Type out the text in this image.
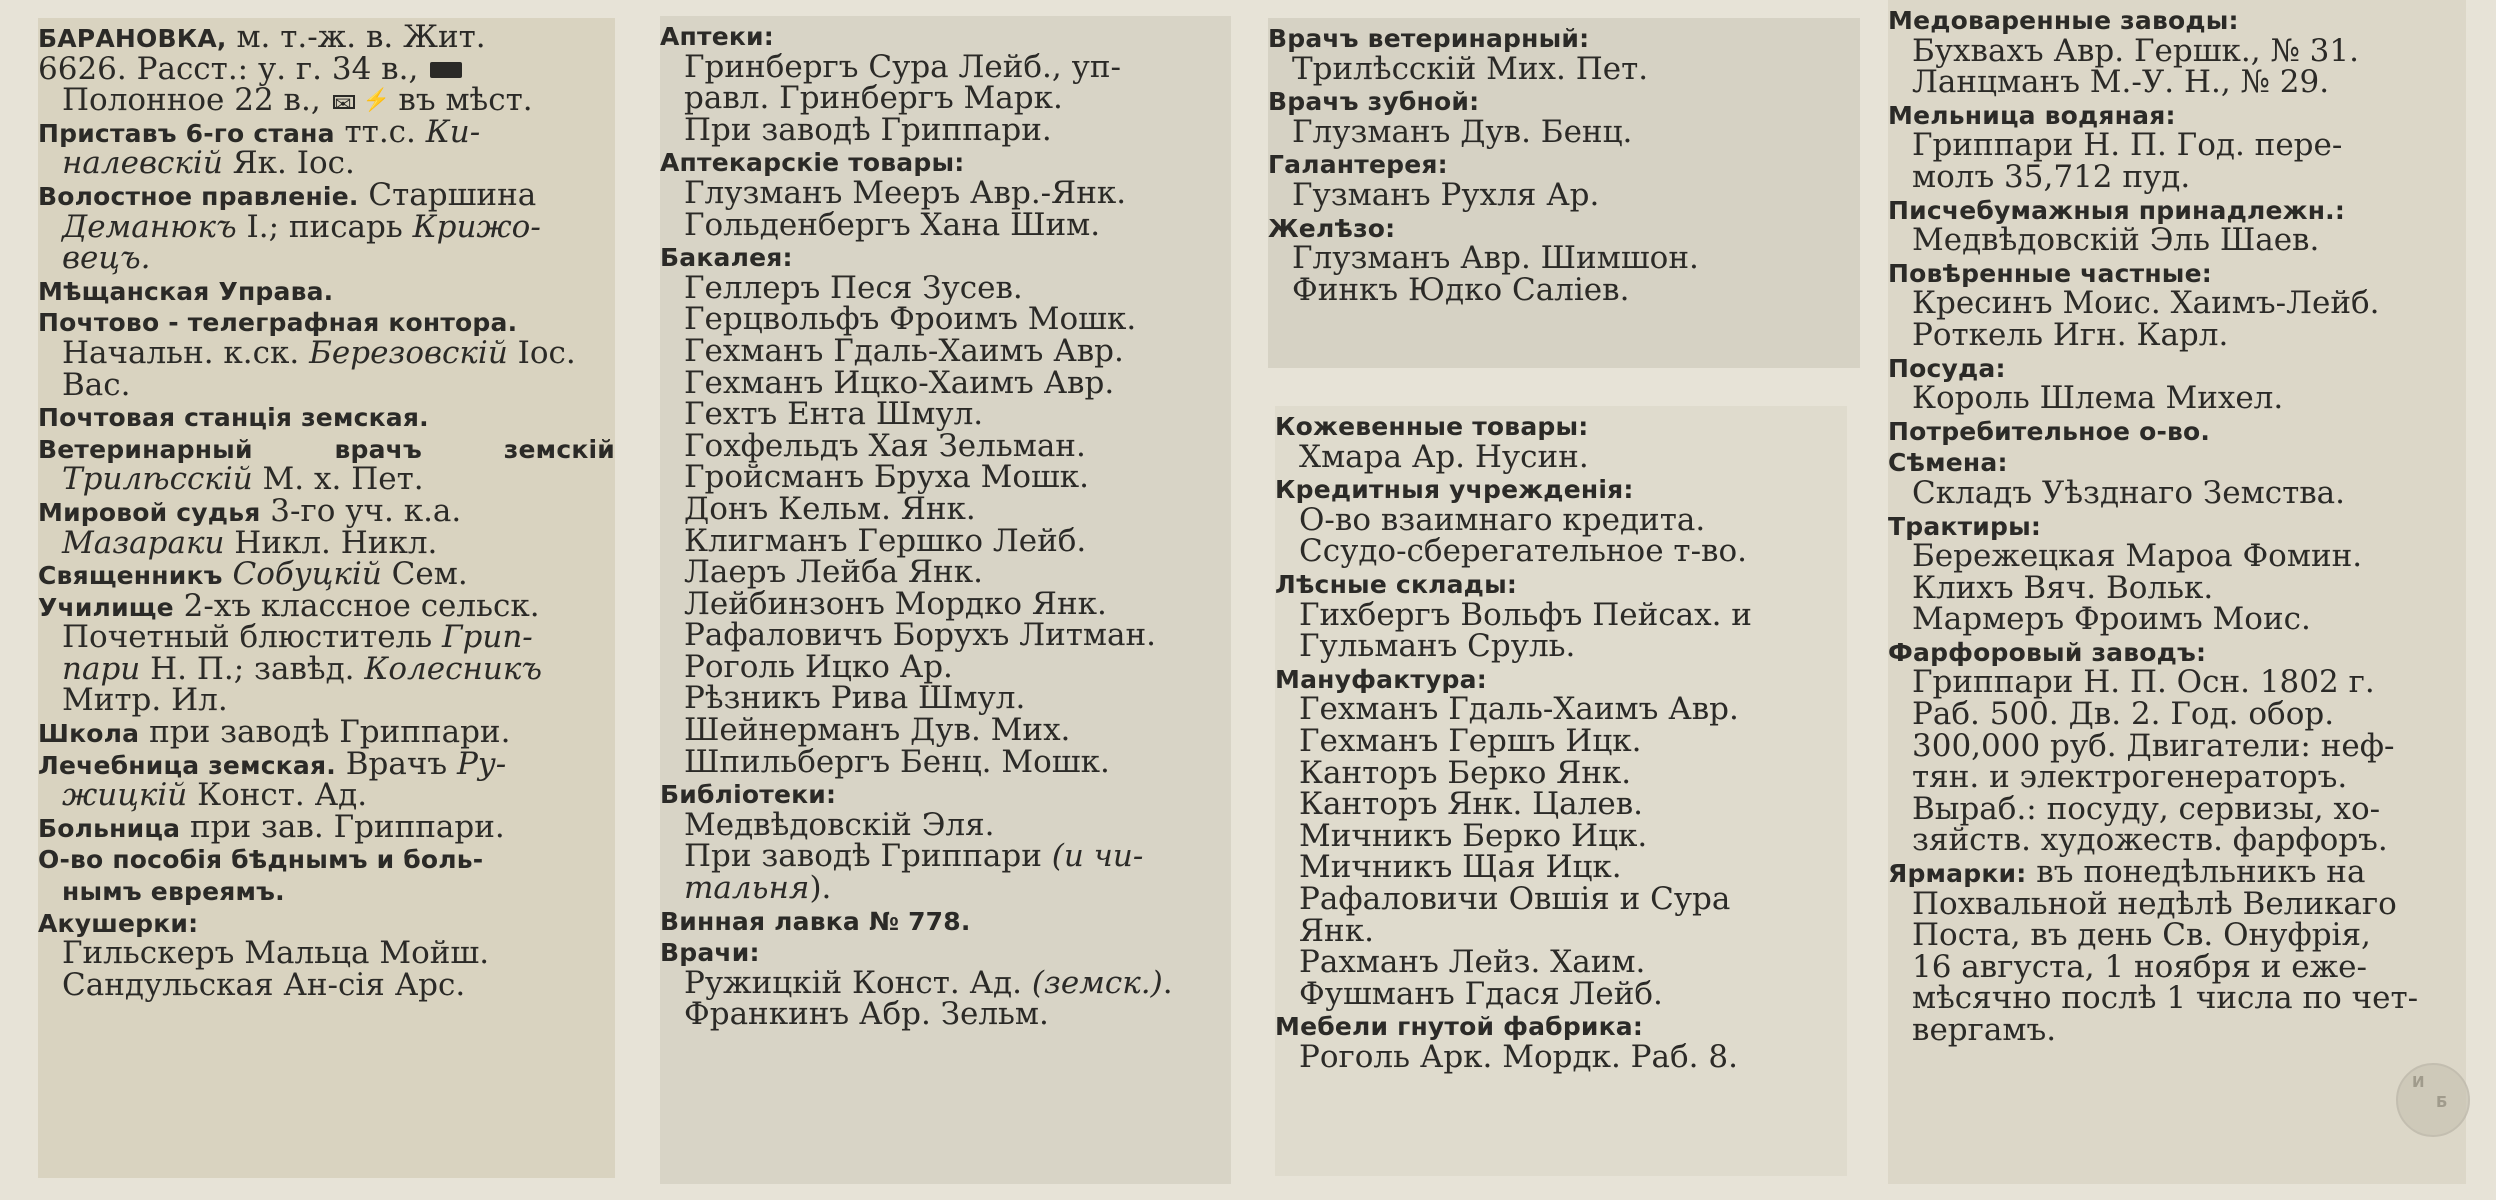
БАРАНОВКА, м. т.-ж. в. Жит.
6626. Расст.: у. г. 34 в.,
Полонное 22 в., ✉⚡ въ мѣст.
Приставъ 6-го стана тт.с. Ки-
налевскій Як. Іос.
Волостное правленіе. Старшина
Деманюкъ І.; писарь Крижо-
вецъ.
Мѣщанская Управа.
Почтово - телеграфная контора.
Начальн. к.ск. Березовскій Іос.
Вас.
Почтовая станція земская.
Ветеринарный врачъ земскій
Трилѣсскій М. х. Пет.
Мировой судья 3-го уч. к.а.
Мазараки Никл. Никл.
Священникъ Собуцкій Сем.
Училище 2-хъ классное сельск.
Почетный блюститель Грип-
пари Н. П.; завѣд. Колесникъ
Митр. Ил.
Школа при заводѣ Гриппари.
Лечебница земская. Врачъ Ру-
жицкій Конст. Ад.
Больница при зав. Гриппари.
О-во пособія бѣднымъ и боль-
нымъ евреямъ.
Акушерки:
Гильскеръ Мальца Мойш.
Сандульская Ан-сія Арс.
Аптеки:
Гринбергъ Сура Лейб., уп-
равл. Гринбергъ Марк.
При заводѣ Гриппари.
Аптекарскіе товары:
Глузманъ Мееръ Авр.-Янк.
Гольденбергъ Хана Шим.
Бакалея:
Геллеръ Песя Зусев.
Герцвольфъ Фроимъ Мошк.
Гехманъ Гдаль-Хаимъ Авр.
Гехманъ Ицко-Хаимъ Авр.
Гехтъ Ента Шмул.
Гохфельдъ Хая Зельман.
Гройсманъ Бруха Мошк.
Донъ Кельм. Янк.
Клигманъ Гершко Лейб.
Лаеръ Лейба Янк.
Лейбинзонъ Мордко Янк.
Рафаловичъ Борухъ Литман.
Роголь Ицко Ар.
Рѣзникъ Рива Шмул.
Шейнерманъ Дув. Мих.
Шпильбергъ Бенц. Мошк.
Библіотеки:
Медвѣдовскій Эля.
При заводѣ Гриппари (и чи-
тальня).
Винная лавка № 778.
Врачи:
Ружицкій Конст. Ад. (земск.).
Франкинъ Абр. Зельм.
Врачъ ветеринарный:
Трилѣсскій Мих. Пет.
Врачъ зубной:
Глузманъ Дув. Бенц.
Галантерея:
Гузманъ Рухля Ар.
Желѣзо:
Глузманъ Авр. Шимшон.
Финкъ Юдко Саліев.
Кожевенные товары:
Хмара Ар. Нусин.
Кредитныя учрежденія:
О-во взаимнаго кредита.
Ссудо-сберегательное т-во.
Лѣсные склады:
Гихбергъ Вольфъ Пейсах. и
Гульманъ Сруль.
Мануфактура:
Гехманъ Гдаль-Хаимъ Авр.
Гехманъ Гершъ Ицк.
Канторъ Берко Янк.
Канторъ Янк. Цалев.
Мичникъ Берко Ицк.
Мичникъ Щая Ицк.
Рафаловичи Овшія и Сура
Янк.
Рахманъ Лейз. Хаим.
Фушманъ Гдася Лейб.
Мебели гнутой фабрика:
Роголь Арк. Мордк. Раб. 8.
Медоваренные заводы:
Бухвахъ Авр. Гершк., № 31.
Ланцманъ М.-У. Н., № 29.
Мельница водяная:
Гриппари Н. П. Год. пере-
молъ 35,712 пуд.
Писчебумажныя принадлежн.:
Медвѣдовскій Эль Шаев.
Повѣренные частные:
Кресинъ Моис. Хаимъ-Лейб.
Роткель Игн. Карл.
Посуда:
Король Шлема Михел.
Потребительное о-во.
Сѣмена:
Складъ Уѣзднаго Земства.
Трактиры:
Бережецкая Мароа Фомин.
Клихъ Вяч. Вольк.
Мармеръ Фроимъ Моис.
Фарфоровый заводъ:
Гриппари Н. П. Осн. 1802 г.
Раб. 500. Дв. 2. Год. обор.
300,000 руб. Двигатели: неф-
тян. и электрогенераторъ.
Выраб.: посуду, сервизы, хо-
зяйств. художеств. фарфоръ.
Ярмарки: въ понедѣльникъ на
Похвальной недѣлѣ Великаго
Поста, въ день Св. Онуфрія,
16 августа, 1 ноября и еже-
мѣсячно послѣ 1 числа по чет-
вергамъ.
И
Б
